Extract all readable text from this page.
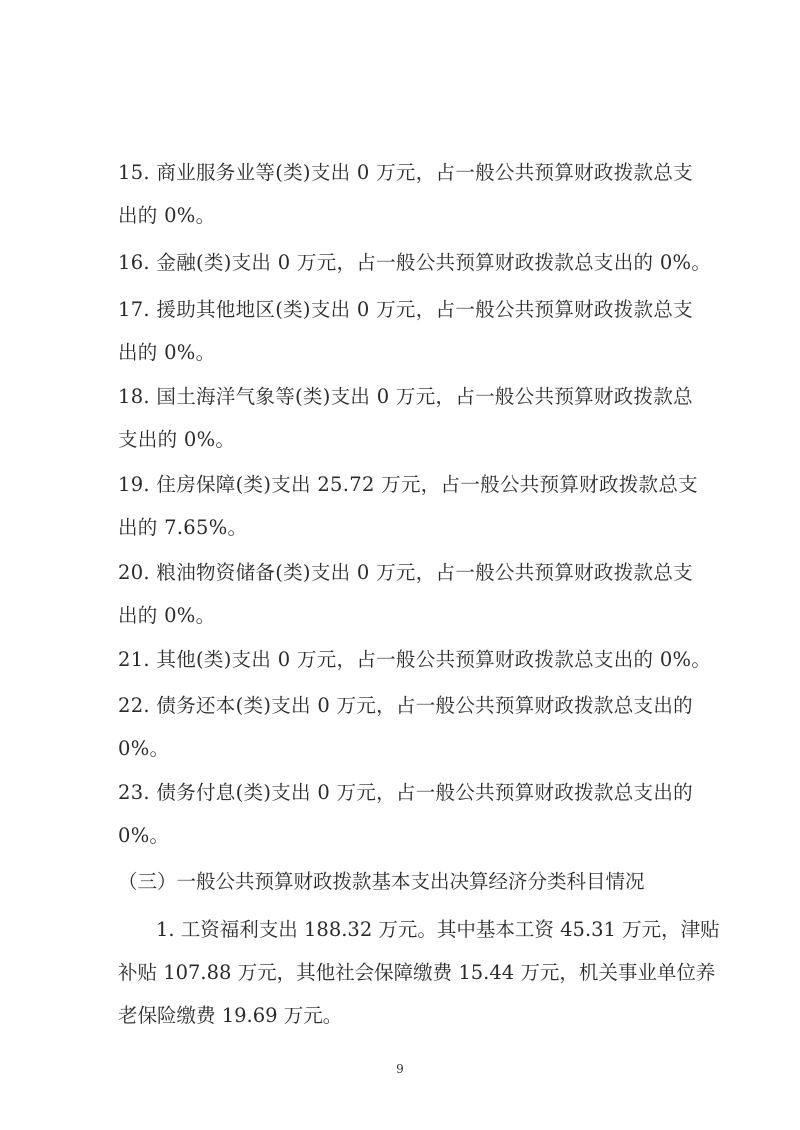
15. 商业服务业等(类)支出 0 万元，占一般公共预算财政拨款总支
出的 0%。
16. 金融(类)支出 0 万元，占一般公共预算财政拨款总支出的 0%。
17. 援助其他地区(类)支出 0 万元，占一般公共预算财政拨款总支
出的 0%。
18. 国土海洋气象等(类)支出 0 万元，占一般公共预算财政拨款总
支出的 0%。
19. 住房保障(类)支出 25.72 万元，占一般公共预算财政拨款总支
出的 7.65%。
20. 粮油物资储备(类)支出 0 万元，占一般公共预算财政拨款总支
出的 0%。
21. 其他(类)支出 0 万元，占一般公共预算财政拨款总支出的 0%。
22. 债务还本(类)支出 0 万元，占一般公共预算财政拨款总支出的
0%。
23. 债务付息(类)支出 0 万元，占一般公共预算财政拨款总支出的
0%。
（三）一般公共预算财政拨款基本支出决算经济分类科目情况
1. 工资福利支出 188.32 万元。其中基本工资 45.31 万元，津贴
补贴 107.88 万元，其他社会保障缴费 15.44 万元，机关事业单位养
老保险缴费 19.69 万元。
9
